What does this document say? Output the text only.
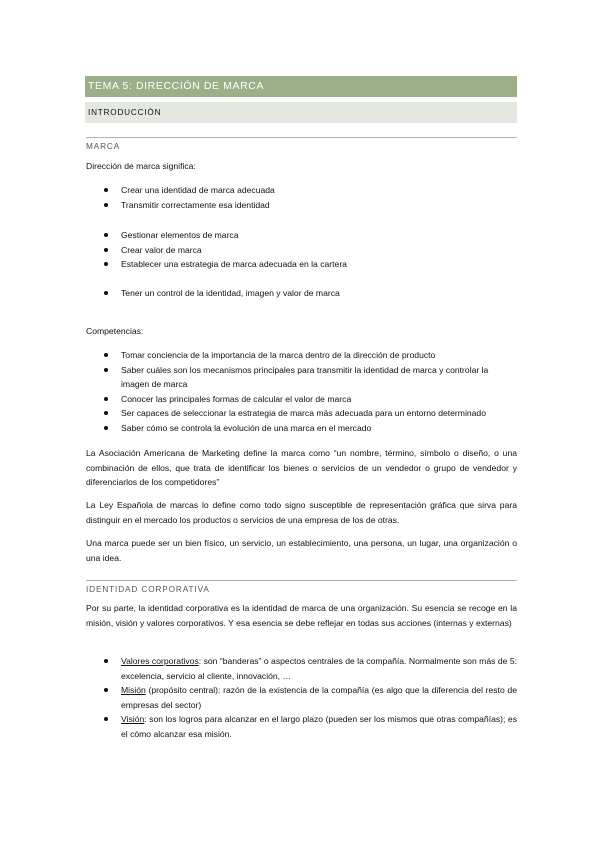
TEMA 5: DIRECCIÓN DE MARCA
INTRODUCCIÓN
MARCA
Dirección de marca significa:
Crear una identidad de marca adecuada
Transmitir correctamente esa identidad
Gestionar elementos de marca
Crear valor de marca
Establecer una estrategia de marca adecuada en la cartera
Tener un control de la identidad, imagen y valor de marca
Competencias:
Tomar conciencia de la importancia de la marca dentro de la dirección de producto
Saber cuáles son los mecanismos principales para transmitir la identidad de marca y controlar la imagen de marca
Conocer las principales formas de calcular el valor de marca
Ser capaces de seleccionar la estrategia de marca más adecuada para un entorno determinado
Saber cómo se controla la evolución de una marca en el mercado
La Asociación Americana de Marketing define la marca como “un nombre, término, símbolo o diseño, o una combinación de ellos, que trata de identificar los bienes o servicios de un vendedor o grupo de vendedor y diferenciarlos de los competidores”
La Ley Española de marcas lo define como todo signo susceptible de representación gráfica que sirva para distinguir en el mercado los productos o servicios de una empresa de los de otras.
Una marca puede ser un bien físico, un servicio, un establecimiento, una persona, un lugar, una organización o una idea.
IDENTIDAD CORPORATIVA
Por su parte, la identidad corporativa es la identidad de marca de una organización. Su esencia se recoge en la misión, visión y valores corporativos. Y esa esencia se debe reflejar en todas sus acciones (internas y externas)
Valores corporativos: son “banderas” o aspectos centrales de la compañía. Normalmente son más de 5: excelencia, servicio al cliente, innovación, …
Misión (propósito central): razón de la existencia de la compañía (es algo que la diferencia del resto de empresas del sector)
Visión: son los logros para alcanzar en el largo plazo (pueden ser los mismos que otras compañías); es el cómo alcanzar esa misión.
